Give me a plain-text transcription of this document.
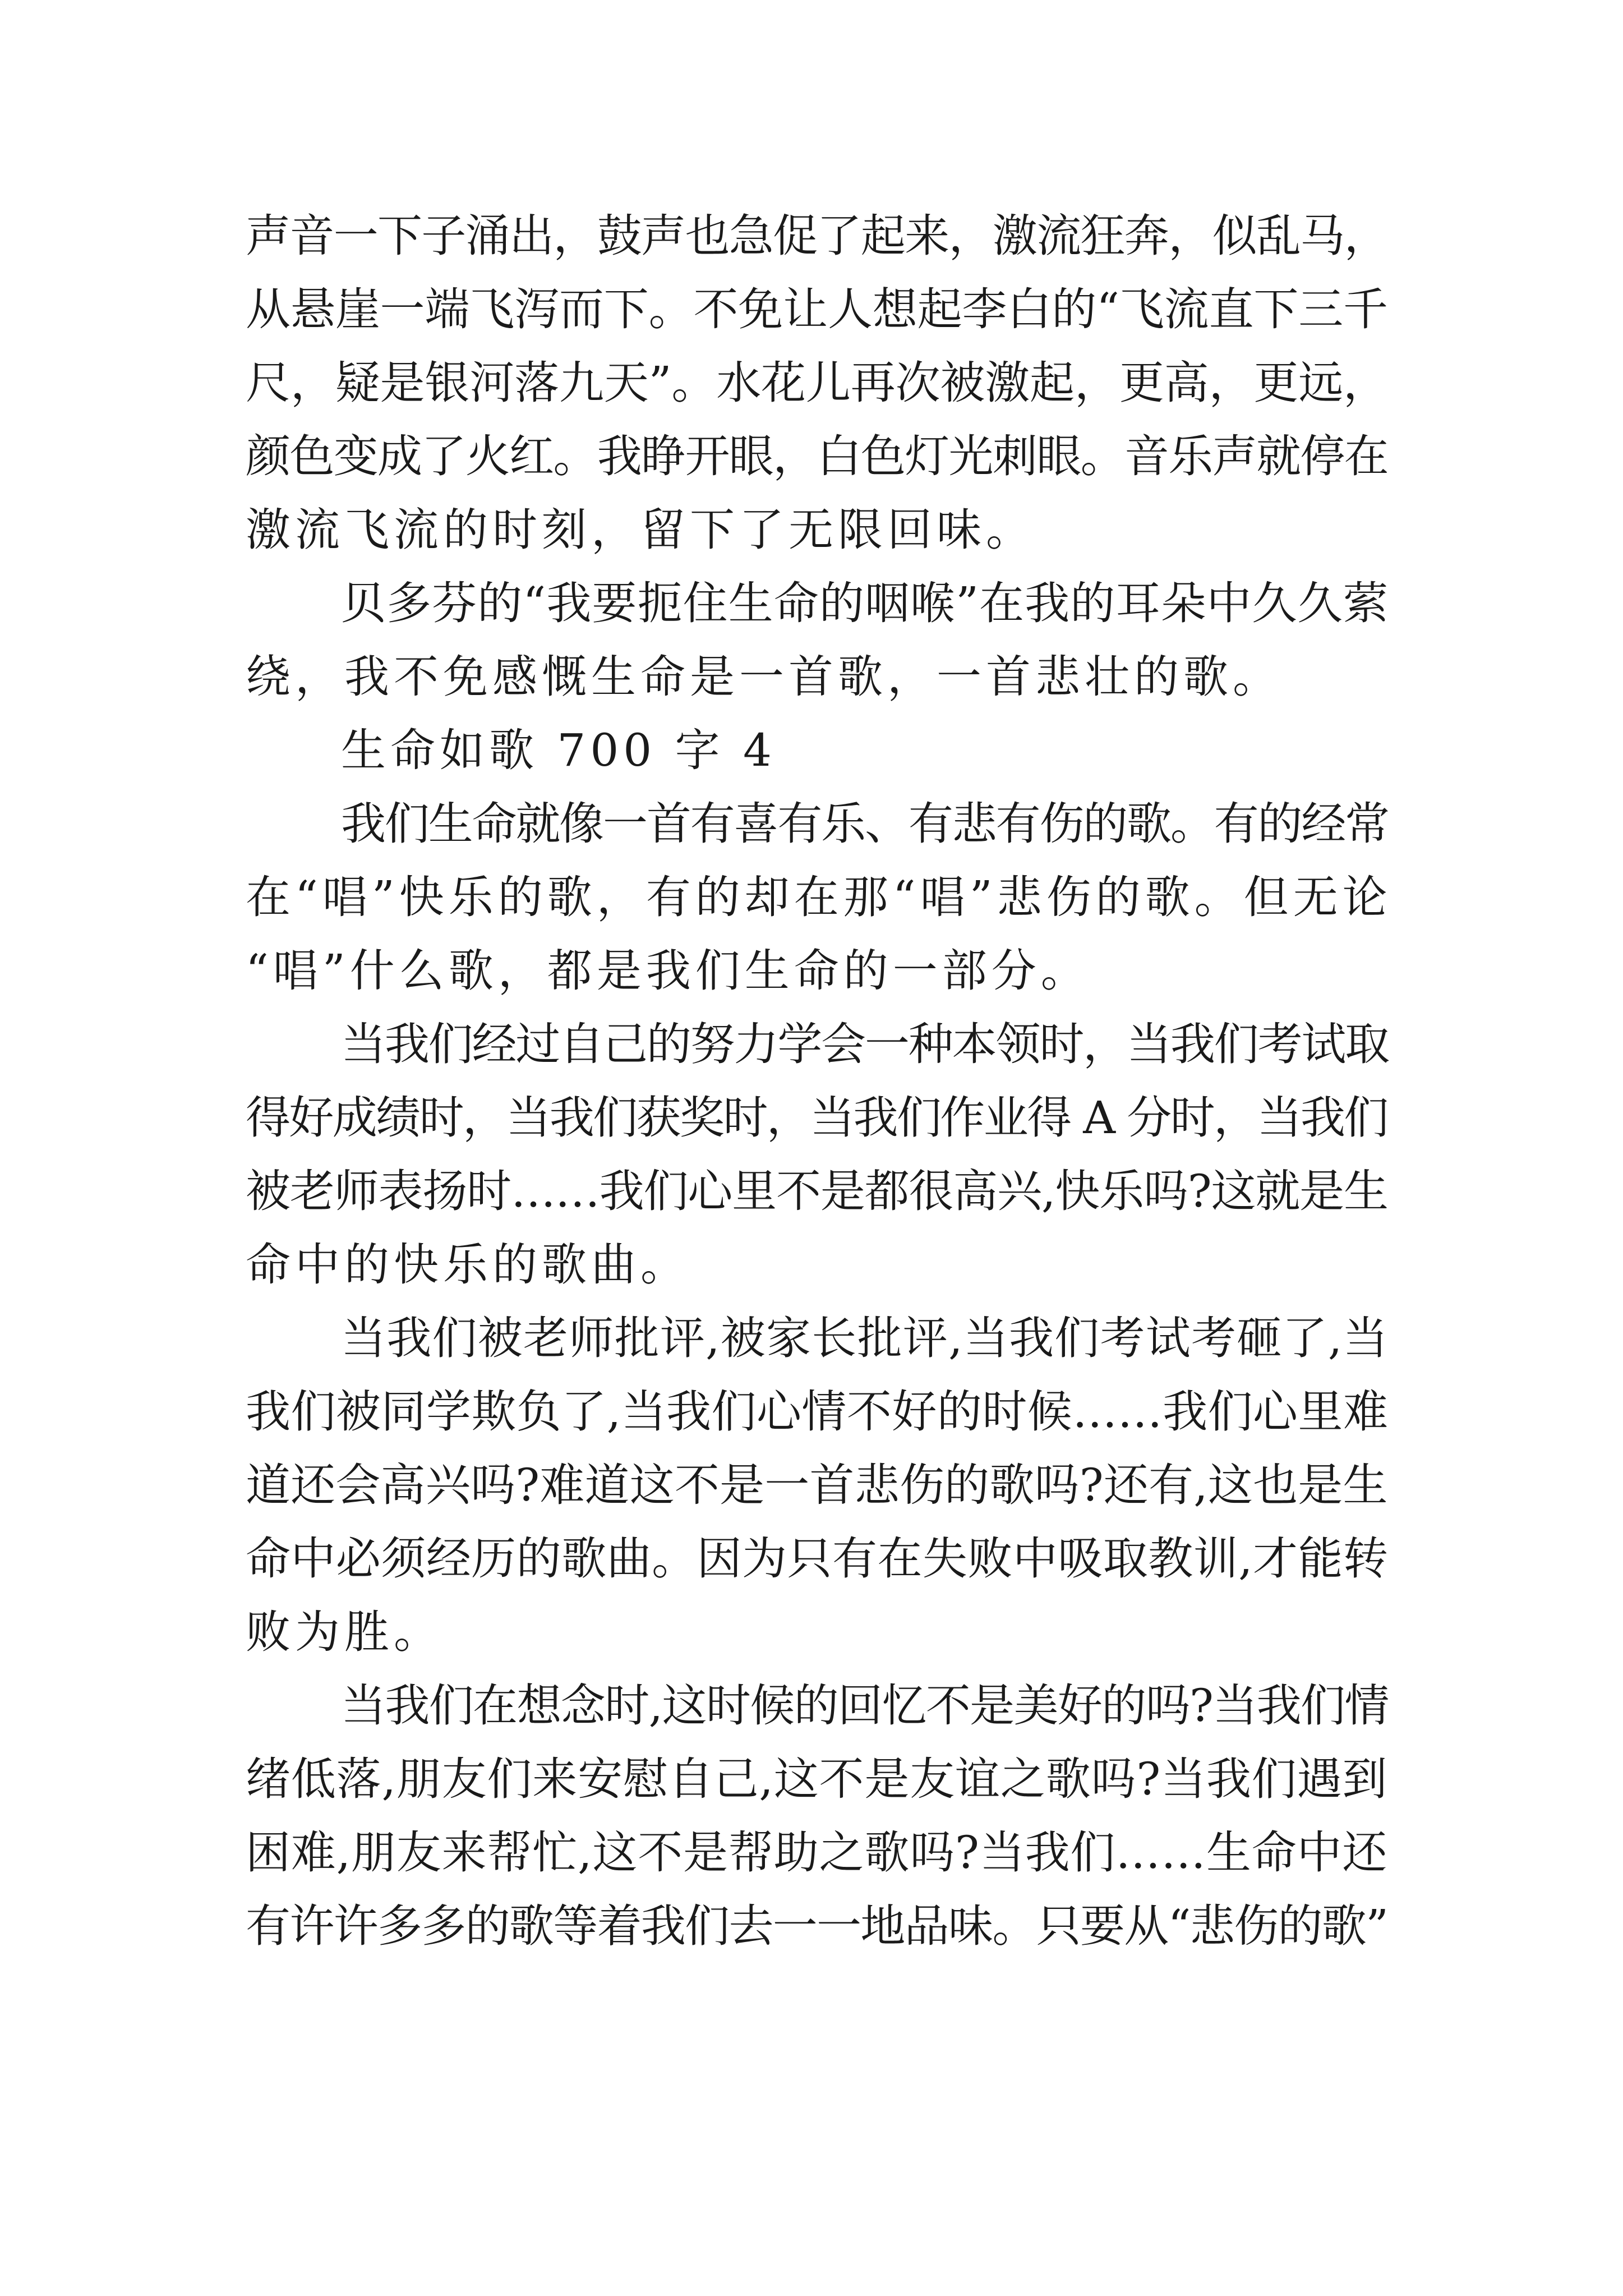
声音一下子涌出，鼓声也急促了起来，激流狂奔，似乱马，
从悬崖一端飞泻而下。不免让人想起李白的“飞流直下三千
尺，疑是银河落九天”。水花儿再次被激起，更高，更远，
颜色变成了火红。我睁开眼，白色灯光刺眼。音乐声就停在
激流飞流的时刻，留下了无限回味。
贝多芬的“我要扼住生命的咽喉”在我的耳朵中久久萦
绕，我不免感慨生命是一首歌，一首悲壮的歌。
生命如歌 700 字 4
我们生命就像一首有喜有乐、有悲有伤的歌。有的经常
在“唱”快乐的歌，有的却在那“唱”悲伤的歌。但无论
“唱”什么歌，都是我们生命的一部分。
当我们经过自己的努力学会一种本领时，当我们考试取
得好成绩时，当我们获奖时，当我们作业得 A 分时，当我们
被老师表扬时……我们心里不是都很高兴,快乐吗?这就是生
命中的快乐的歌曲。
当我们被老师批评,被家长批评,当我们考试考砸了,当
我们被同学欺负了,当我们心情不好的时候……我们心里难
道还会高兴吗?难道这不是一首悲伤的歌吗?还有,这也是生
命中必须经历的歌曲。因为只有在失败中吸取教训,才能转
败为胜。
当我们在想念时,这时候的回忆不是美好的吗?当我们情
绪低落,朋友们来安慰自己,这不是友谊之歌吗?当我们遇到
困难,朋友来帮忙,这不是帮助之歌吗?当我们……生命中还
有许许多多的歌等着我们去一一地品味。只要从“悲伤的歌”
